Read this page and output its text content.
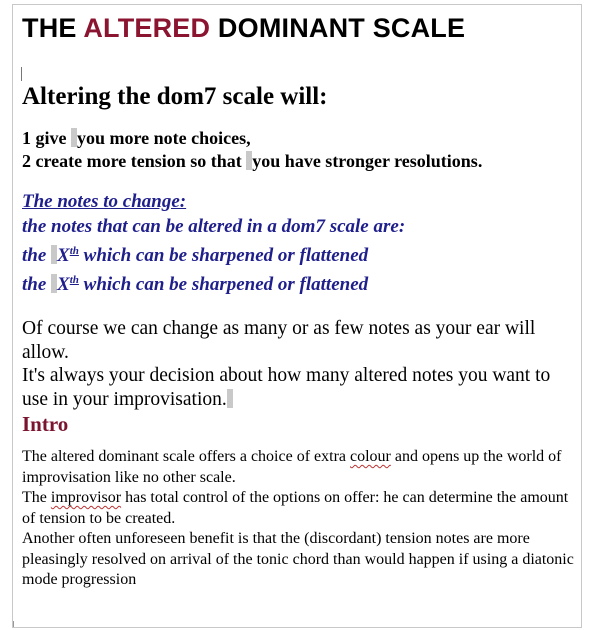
THE ALTERED DOMINANT SCALE
Altering the dom7 scale will:
1 give you more note choices,
2 create more tension so that you have stronger resolutions.
The notes to change:
the notes that can be altered in a dom7 scale are:
the Xth which can be sharpened or flattened
the Xth which can be sharpened or flattened
Of course we can change as many or as few notes as your ear will allow.
It's always your decision about how many altered notes you want to use in your improvisation.
Intro
The altered dominant scale offers a choice of extra colour and opens up the world of improvisation like no other scale.
The improvisor has total control of the options on offer: he can determine the amount of tension to be created.
Another often unforeseen benefit is that the (discordant) tension notes are more pleasingly resolved on arrival of the tonic chord than would happen if using a diatonic mode progression
